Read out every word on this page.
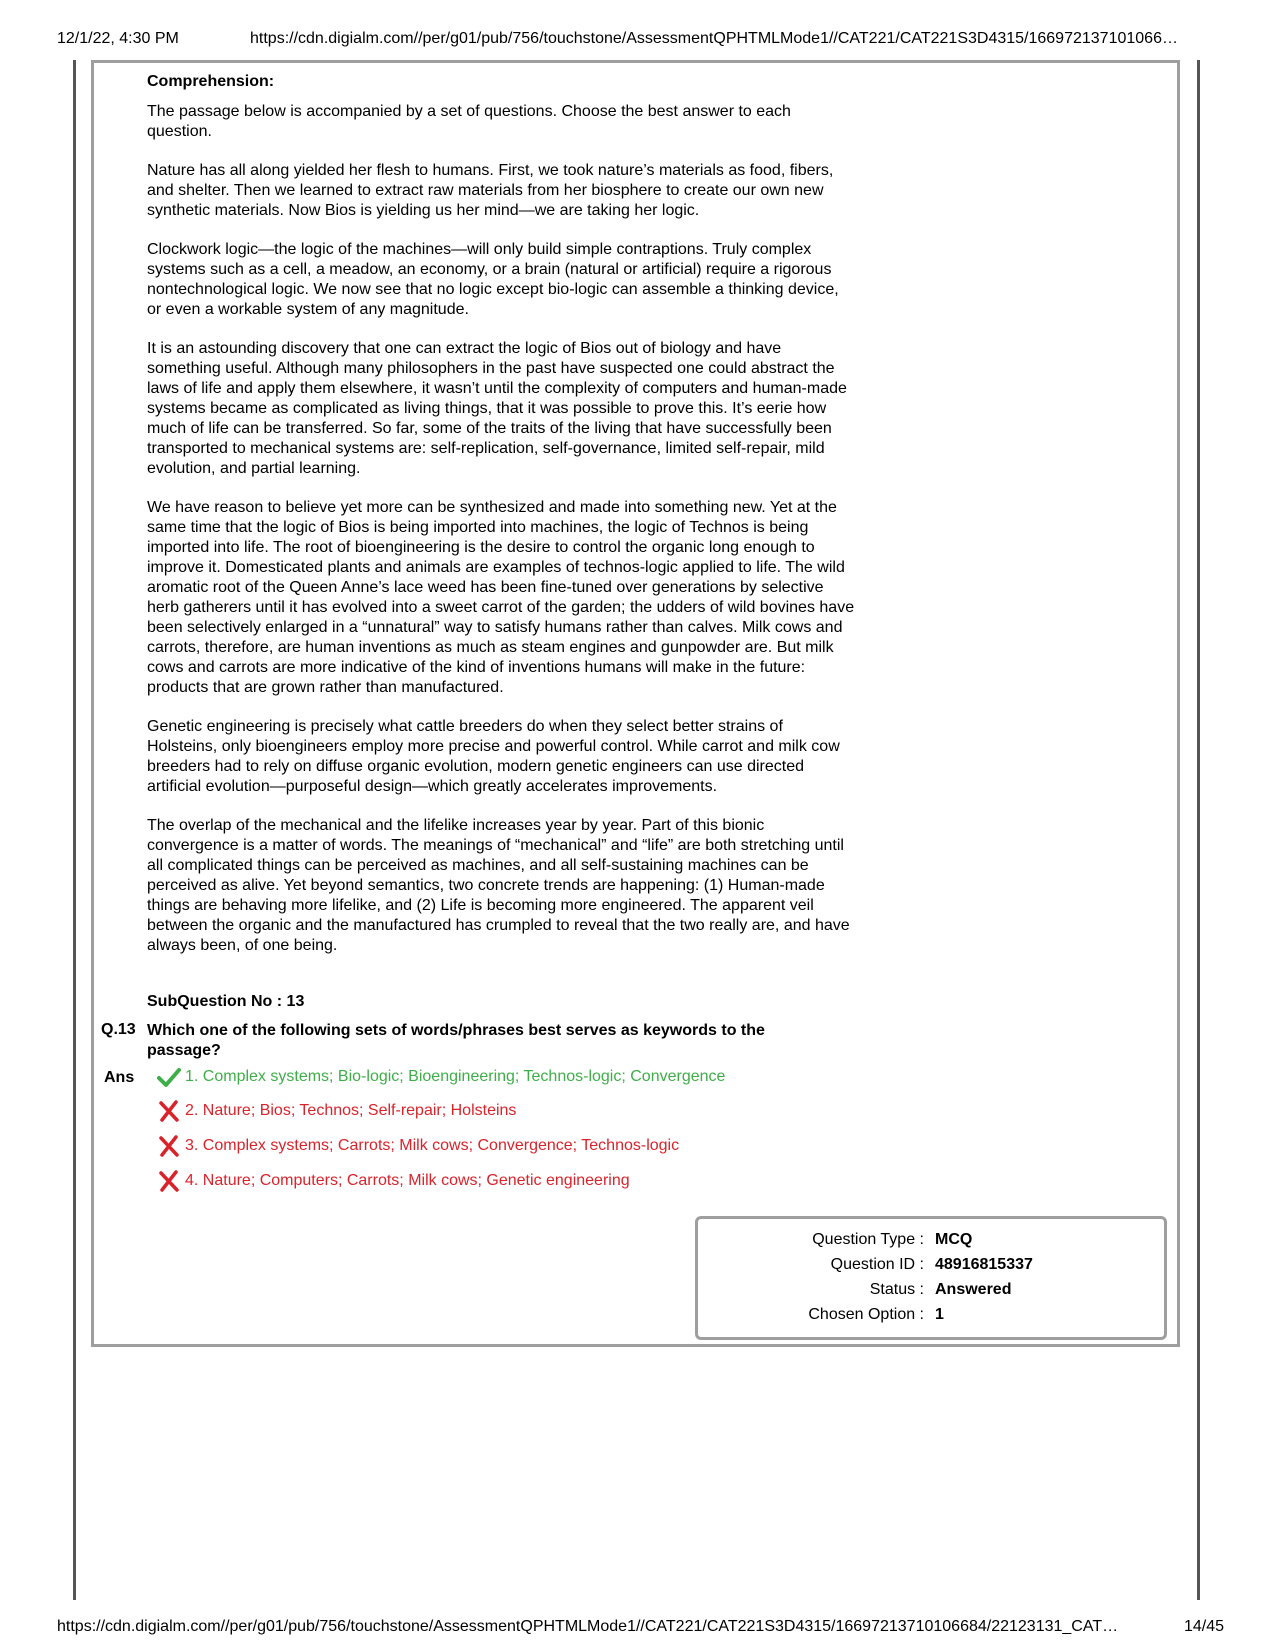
12/1/22, 4:30 PM	https://cdn.digialm.com//per/g01/pub/756/touchstone/AssessmentQPHTMLMode1//CAT221/CAT221S3D4315/166972137101066…
Comprehension:

The passage below is accompanied by a set of questions. Choose the best answer to each question.

Nature has all along yielded her flesh to humans. First, we took nature’s materials as food, fibers, and shelter. Then we learned to extract raw materials from her biosphere to create our own new synthetic materials. Now Bios is yielding us her mind—we are taking her logic.

Clockwork logic—the logic of the machines—will only build simple contraptions. Truly complex systems such as a cell, a meadow, an economy, or a brain (natural or artificial) require a rigorous nontechnological logic. We now see that no logic except bio-logic can assemble a thinking device, or even a workable system of any magnitude.

It is an astounding discovery that one can extract the logic of Bios out of biology and have something useful. Although many philosophers in the past have suspected one could abstract the laws of life and apply them elsewhere, it wasn’t until the complexity of computers and human-made systems became as complicated as living things, that it was possible to prove this. It’s eerie how much of life can be transferred. So far, some of the traits of the living that have successfully been transported to mechanical systems are: self-replication, self-governance, limited self-repair, mild evolution, and partial learning.

We have reason to believe yet more can be synthesized and made into something new. Yet at the same time that the logic of Bios is being imported into machines, the logic of Technos is being imported into life. The root of bioengineering is the desire to control the organic long enough to improve it. Domesticated plants and animals are examples of technos-logic applied to life. The wild aromatic root of the Queen Anne’s lace weed has been fine-tuned over generations by selective herb gatherers until it has evolved into a sweet carrot of the garden; the udders of wild bovines have been selectively enlarged in a “unnatural” way to satisfy humans rather than calves. Milk cows and carrots, therefore, are human inventions as much as steam engines and gunpowder are. But milk cows and carrots are more indicative of the kind of inventions humans will make in the future: products that are grown rather than manufactured.

Genetic engineering is precisely what cattle breeders do when they select better strains of Holsteins, only bioengineers employ more precise and powerful control. While carrot and milk cow breeders had to rely on diffuse organic evolution, modern genetic engineers can use directed artificial evolution—purposeful design—which greatly accelerates improvements.

The overlap of the mechanical and the lifelike increases year by year. Part of this bionic convergence is a matter of words. The meanings of “mechanical” and “life” are both stretching until all complicated things can be perceived as machines, and all self-sustaining machines can be perceived as alive. Yet beyond semantics, two concrete trends are happening: (1) Human-made things are behaving more lifelike, and (2) Life is becoming more engineered. The apparent veil between the organic and the manufactured has crumpled to reveal that the two really are, and have always been, of one being.

SubQuestion No : 13
Q.13 Which one of the following sets of words/phrases best serves as keywords to the passage?
Ans	1. Complex systems; Bio-logic; Bioengineering; Technos-logic; Convergence
2. Nature; Bios; Technos; Self-repair; Holsteins
3. Complex systems; Carrots; Milk cows; Convergence; Technos-logic
4. Nature; Computers; Carrots; Milk cows; Genetic engineering
Question Type : MCQ
Question ID : 48916815337
Status : Answered
Chosen Option : 1
https://cdn.digialm.com//per/g01/pub/756/touchstone/AssessmentQPHTMLMode1//CAT221/CAT221S3D4315/16697213710106684/22123131_CAT…	14/45
